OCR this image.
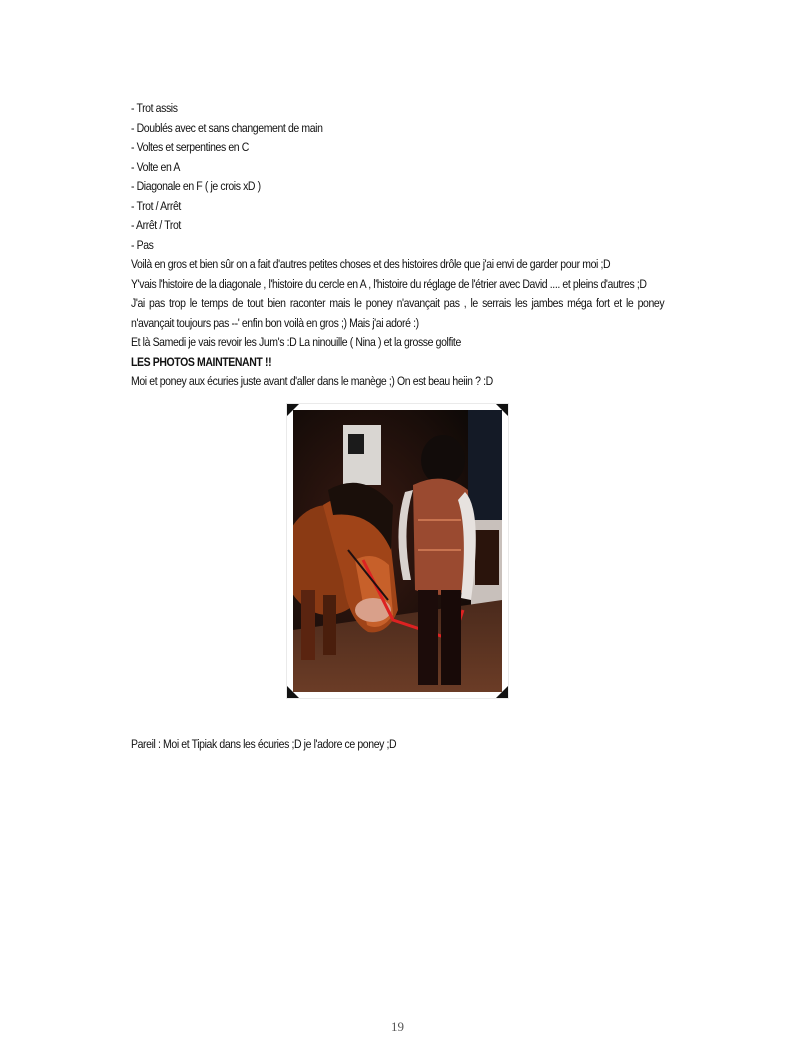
- Trot assis
- Doublés avec et sans changement de main
- Voltes et serpentines en C
- Volte en A
- Diagonale en F ( je crois xD )
- Trot / Arrêt
- Arrêt / Trot
- Pas
Voilà en gros et bien sûr on a fait d'autres petites choses et des histoires drôle que j'ai envi de garder pour moi ;D
Y'vais l'histoire de la diagonale , l'histoire du cercle en A , l'histoire du réglage de l'étrier avec David .... et pleins d'autres ;D
J'ai pas trop le temps de tout bien raconter mais le poney n'avançait pas , le serrais les jambes méga fort et le poney n'avançait toujours pas --' enfin bon voilà en gros ;) Mais j'ai adoré :)
Et là Samedi je vais revoir les Jum's :D La ninouille ( Nina ) et la grosse golfite
LES PHOTOS MAINTENANT !!
Moi et poney aux écuries juste avant d'aller dans le manège ;) On est beau heiin ? :D
Pareil : Moi et Tipiak dans les écuries ;D je l'adore ce poney ;D
19
